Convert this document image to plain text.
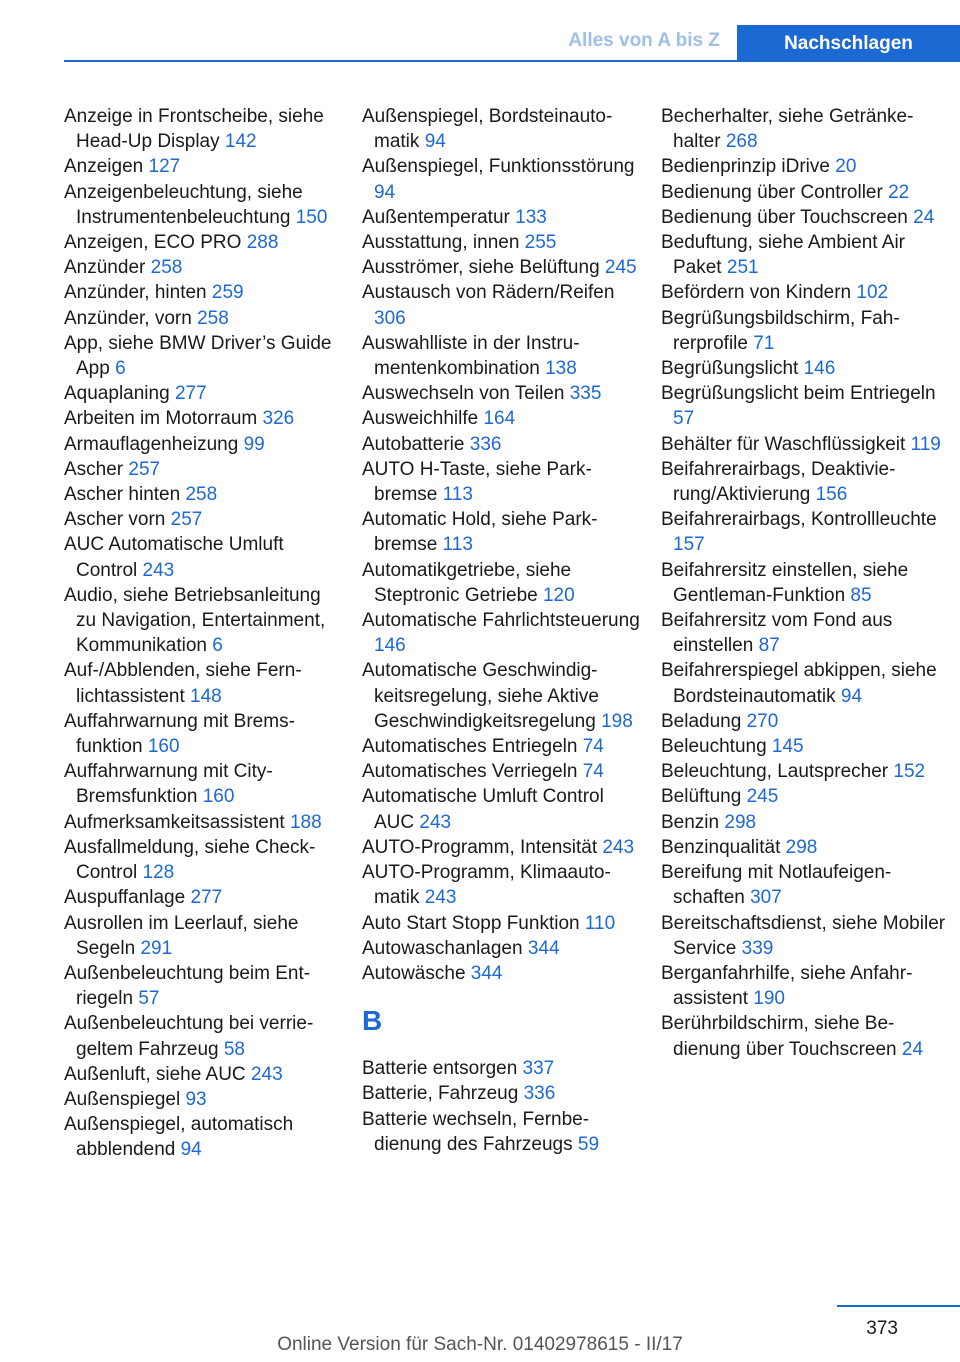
Alles von A bis Z	Nachschlagen
Anzeige in Frontscheibe, siehe Head-Up Display 142
Anzeigen 127
Anzeigenbeleuchtung, siehe Instrumentenbeleuchtung 150
Anzeigen, ECO PRO 288
Anzünder 258
Anzünder, hinten 259
Anzünder, vorn 258
App, siehe BMW Driver’s Guide App 6
Aquaplaning 277
Arbeiten im Motorraum 326
Armauflagenheizung 99
Ascher 257
Ascher hinten 258
Ascher vorn 257
AUC Automatische Umluft Control 243
Audio, siehe Betriebsanleitung zu Navigation, Entertainment, Kommunikation 6
Auf-/Abblenden, siehe Fernlichtassistent 148
Auffahrwarnung mit Bremsfunktion 160
Auffahrwarnung mit City-Bremsfunktion 160
Aufmerksamkeitsassistent 188
Ausfallmeldung, siehe Check-Control 128
Auspuffanlage 277
Ausrollen im Leerlauf, siehe Segeln 291
Außenbeleuchtung beim Entriegeln 57
Außenbeleuchtung bei verriegeltem Fahrzeug 58
Außenluft, siehe AUC 243
Außenspiegel 93
Außenspiegel, automatisch abblendend 94
Außenspiegel, Bordsteinautomatik 94
Außenspiegel, Funktionsstörung 94
Außentemperatur 133
Ausstattung, innen 255
Ausströmer, siehe Belüftung 245
Austausch von Rädern/Reifen 306
Auswahlliste in der Instrumentenkombination 138
Auswechseln von Teilen 335
Ausweichhilfe 164
Autobatterie 336
AUTO H-Taste, siehe Parkbremse 113
Automatic Hold, siehe Parkbremse 113
Automatikgetriebe, siehe Steptronic Getriebe 120
Automatische Fahrlichtsteuerung 146
Automatische Geschwindigkeitsregelung, siehe Aktive Geschwindigkeitsregelung 198
Automatisches Entriegeln 74
Automatisches Verriegeln 74
Automatische Umluft Control AUC 243
AUTO-Programm, Intensität 243
AUTO-Programm, Klimaautomatik 243
Auto Start Stopp Funktion 110
Autowaschanlagen 344
Autowäsche 344
B
Batterie entsorgen 337
Batterie, Fahrzeug 336
Batterie wechseln, Fernbedienung des Fahrzeugs 59
Becherhalter, siehe Getränkehalter 268
Bedienprinzip iDrive 20
Bedienung über Controller 22
Bedienung über Touchscreen 24
Beduftung, siehe Ambient Air Paket 251
Befördern von Kindern 102
Begrüßungsbildschirm, Fahrerprofile 71
Begrüßungslicht 146
Begrüßungslicht beim Entriegeln 57
Behälter für Waschflüssigkeit 119
Beifahrerairbags, Deaktivierung/Aktivierung 156
Beifahrerairbags, Kontrollleuchte 157
Beifahrersitz einstellen, siehe Gentleman-Funktion 85
Beifahrersitz vom Fond aus einstellen 87
Beifahrerspiegel abkippen, siehe Bordsteinautomatik 94
Beladung 270
Beleuchtung 145
Beleuchtung, Lautsprecher 152
Belüftung 245
Benzin 298
Benzinqualität 298
Bereifung mit Notlaufeigenschaften 307
Bereitschaftsdienst, siehe Mobiler Service 339
Berganfahrhilfe, siehe Anfahrassistent 190
Berührbildschirm, siehe Bedienung über Touchscreen 24
373
Online Version für Sach-Nr. 01402978615 - II/17
